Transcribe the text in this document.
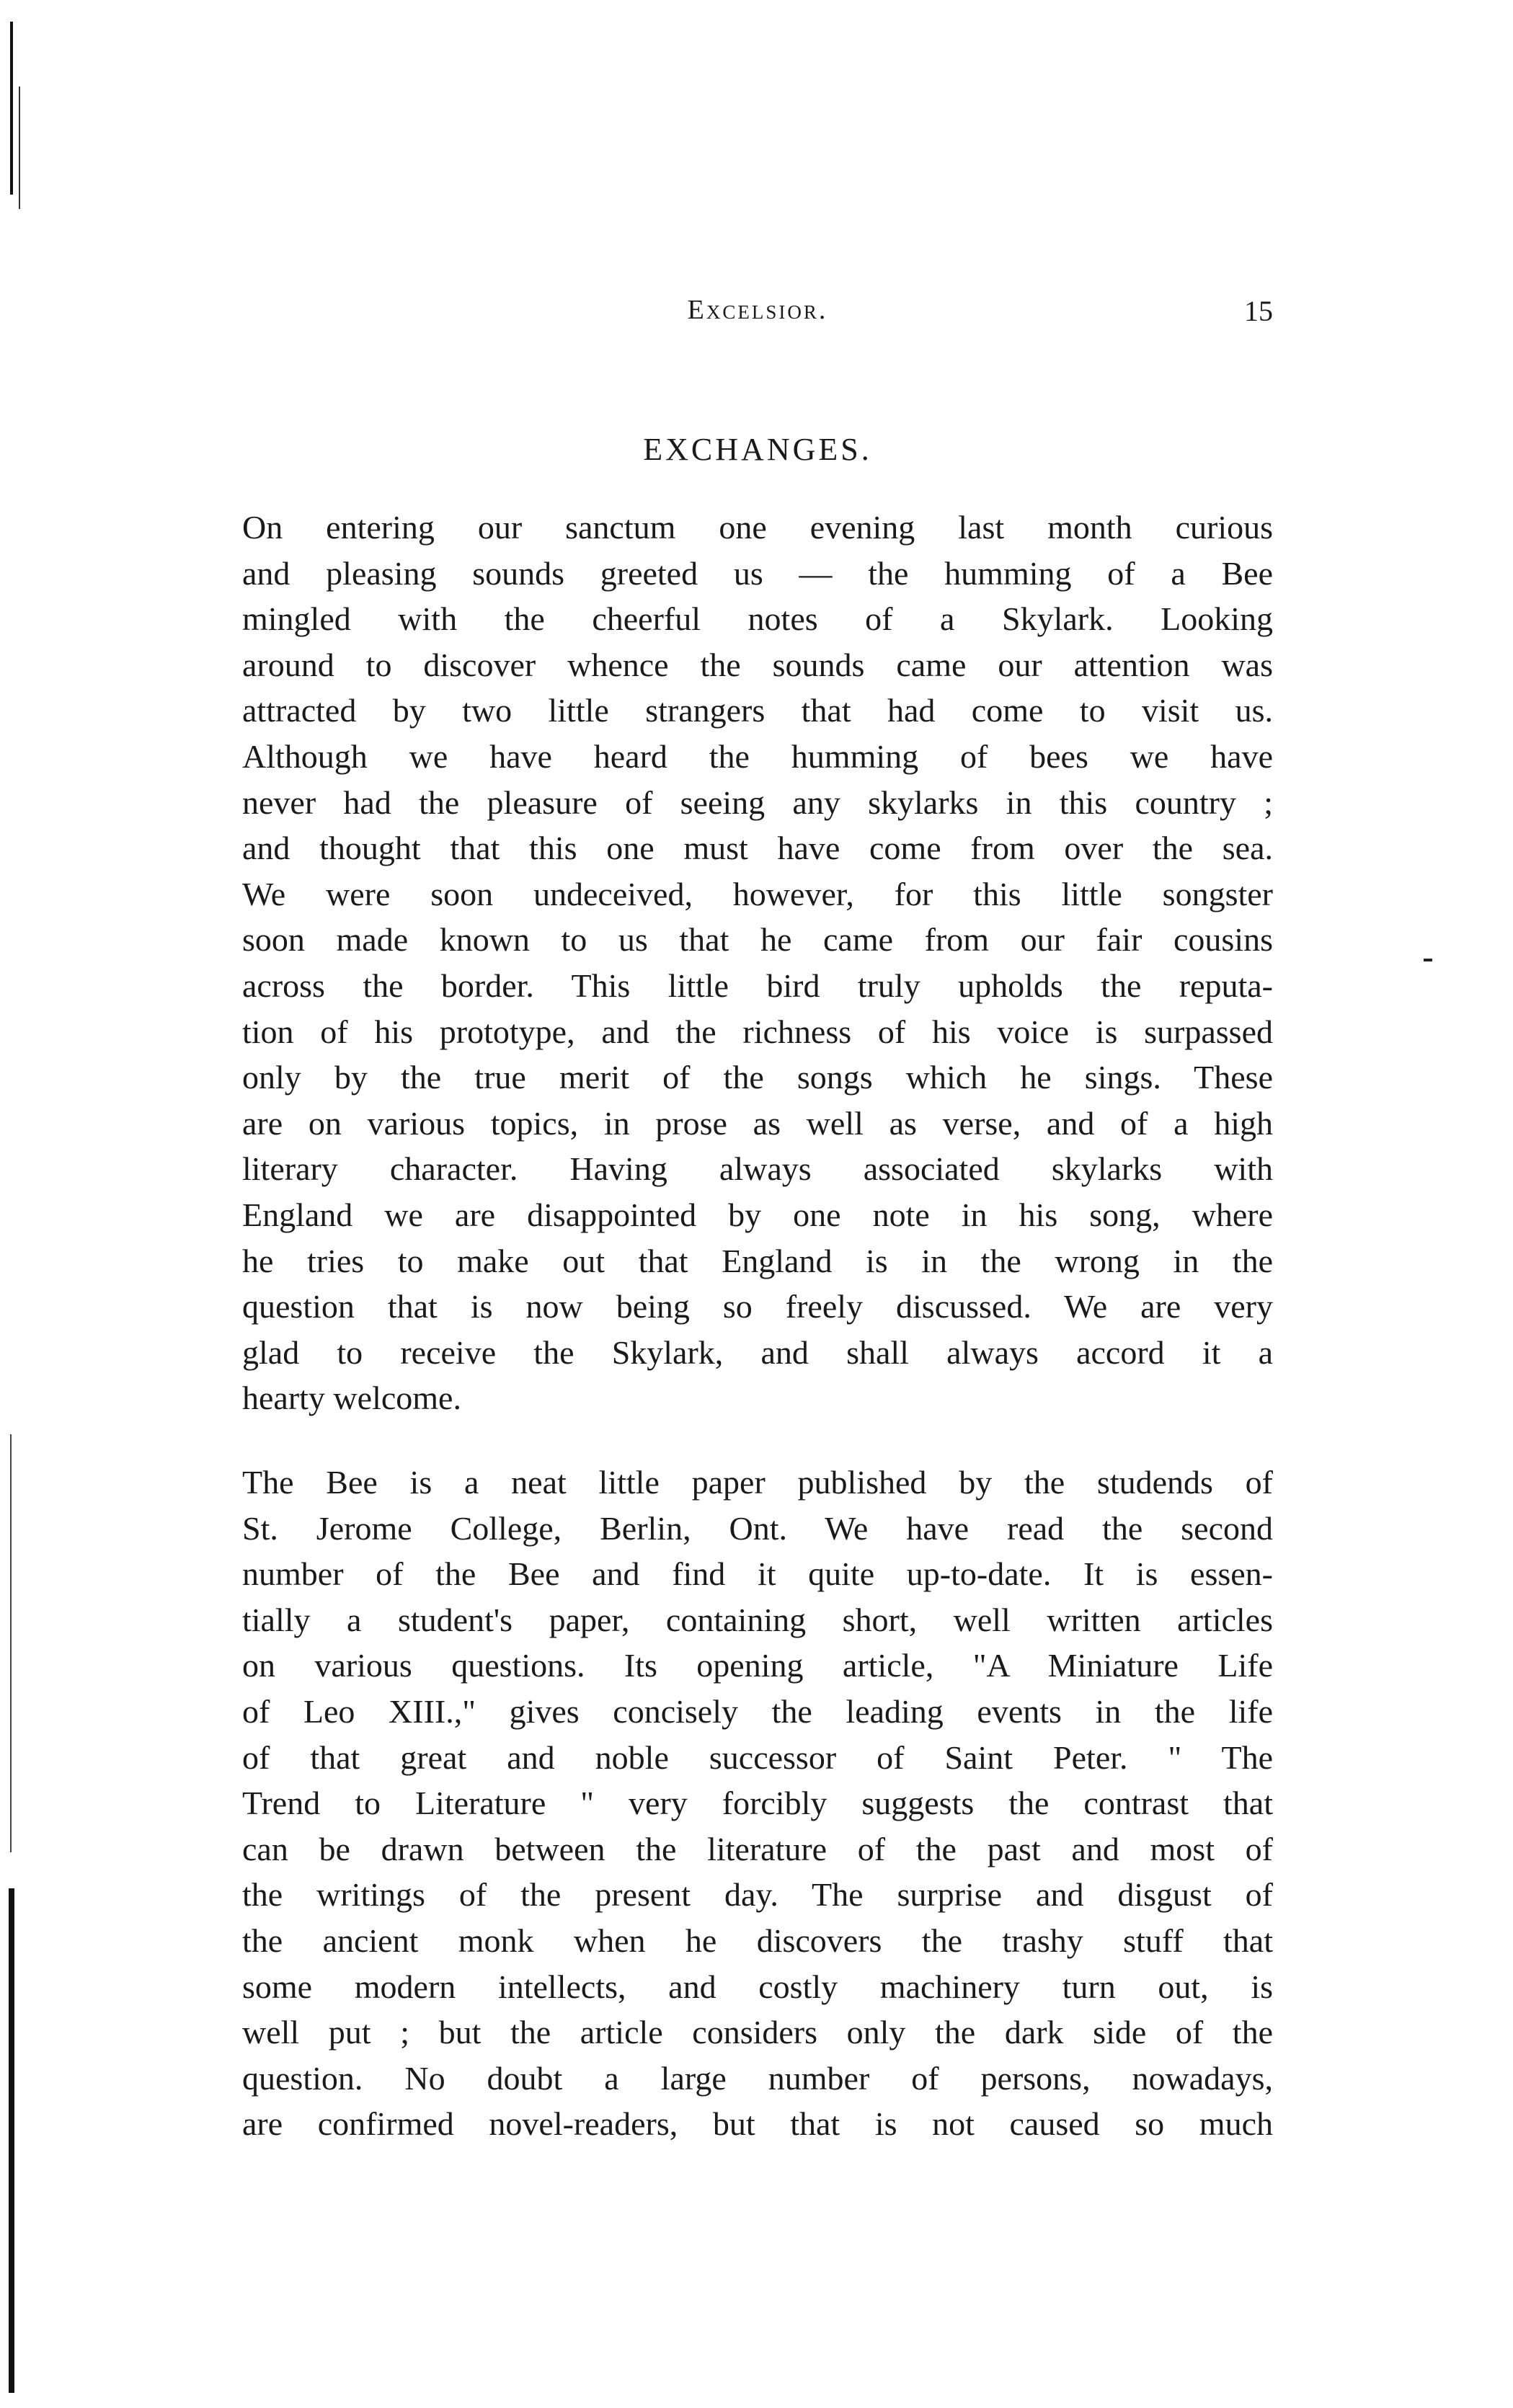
Excelsior.	15
EXCHANGES.
On entering our sanctum one evening last month curious
and pleasing sounds greeted us — the humming of a Bee
mingled with the cheerful notes of a Skylark. Looking
around to discover whence the sounds came our attention was
attracted by two little strangers that had come to visit us.
Although we have heard the humming of bees we have
never had the pleasure of seeing any skylarks in this country ;
and thought that this one must have come from over the sea.
We were soon undeceived, however, for this little songster
soon made known to us that he came from our fair cousins
across the border. This little bird truly upholds the reputa-
tion of his prototype, and the richness of his voice is surpassed
only by the true merit of the songs which he sings. These
are on various topics, in prose as well as verse, and of a high
literary character. Having always associated skylarks with
England we are disappointed by one note in his song, where
he tries to make out that England is in the wrong in the
question that is now being so freely discussed. We are very
glad to receive the Skylark, and shall always accord it a
hearty welcome.
The Bee is a neat little paper published by the studends of
St. Jerome College, Berlin, Ont. We have read the second
number of the Bee and find it quite up-to-date. It is essen-
tially a student's paper, containing short, well written articles
on various questions. Its opening article, "A Miniature Life
of Leo XIII.," gives concisely the leading events in the life
of that great and noble successor of Saint Peter. " The
Trend to Literature " very forcibly suggests the contrast that
can be drawn between the literature of the past and most of
the writings of the present day. The surprise and disgust of
the ancient monk when he discovers the trashy stuff that
some modern intellects, and costly machinery turn out, is
well put ; but the article considers only the dark side of the
question. No doubt a large number of persons, nowadays,
are confirmed novel-readers, but that is not caused so much
